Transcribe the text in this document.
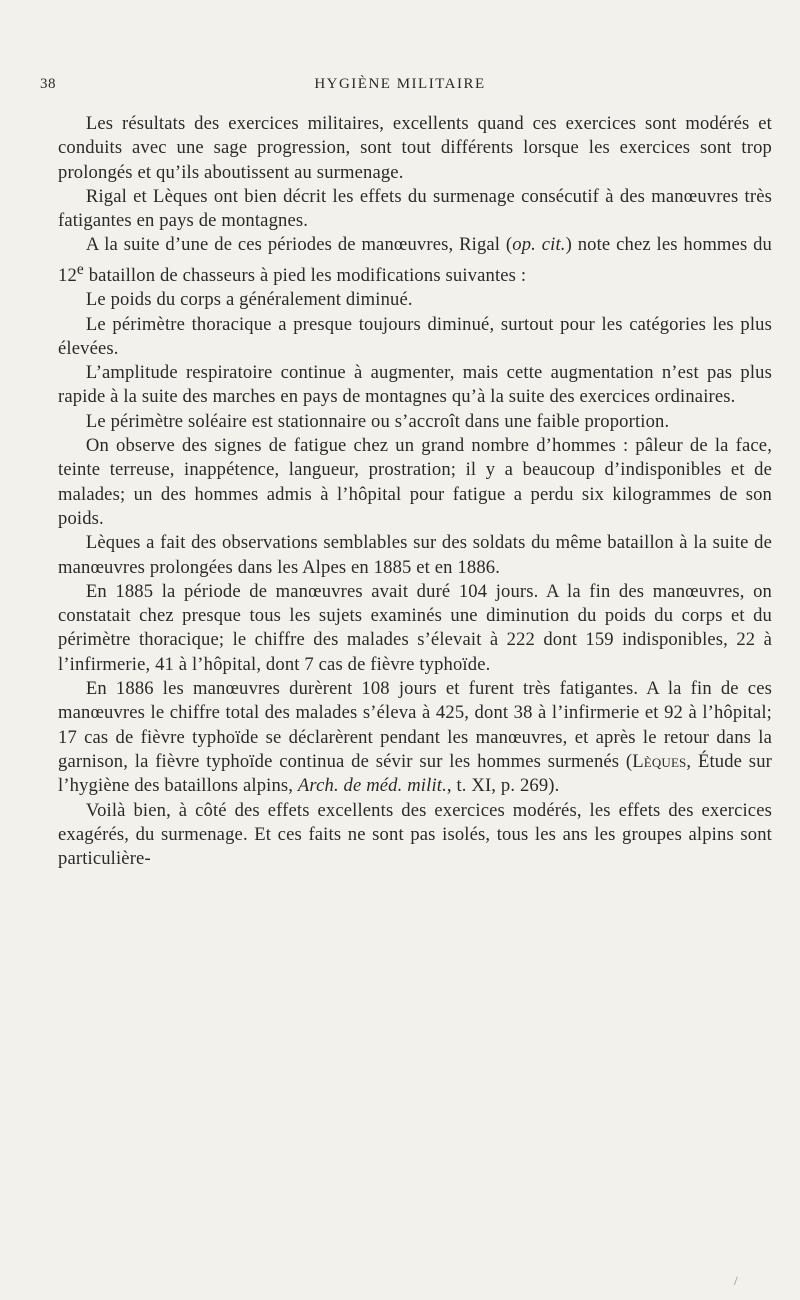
38	HYGIÈNE MILITAIRE

Les résultats des exercices militaires, excellents quand ces exercices sont modérés et conduits avec une sage progression, sont tout différents lorsque les exercices sont trop prolongés et qu’ils aboutissent au surmenage.

Rigal et Lèques ont bien décrit les effets du surmenage consécutif à des manœuvres très fatigantes en pays de montagnes.

A la suite d’une de ces périodes de manœuvres, Rigal (op. cit.) note chez les hommes du 12e bataillon de chasseurs à pied les modifications suivantes :

Le poids du corps a généralement diminué.

Le périmètre thoracique a presque toujours diminué, surtout pour les catégories les plus élevées.

L’amplitude respiratoire continue à augmenter, mais cette augmentation n’est pas plus rapide à la suite des marches en pays de montagnes qu’à la suite des exercices ordinaires.

Le périmètre soléaire est stationnaire ou s’accroît dans une faible proportion.

On observe des signes de fatigue chez un grand nombre d’hommes : pâleur de la face, teinte terreuse, inappétence, langueur, prostration; il y a beaucoup d’indisponibles et de malades; un des hommes admis à l’hôpital pour fatigue a perdu six kilogrammes de son poids.

Lèques a fait des observations semblables sur des soldats du même bataillon à la suite de manœuvres prolongées dans les Alpes en 1885 et en 1886.

En 1885 la période de manœuvres avait duré 104 jours. A la fin des manœuvres, on constatait chez presque tous les sujets examinés une diminution du poids du corps et du périmètre thoracique; le chiffre des malades s’élevait à 222 dont 159 indisponibles, 22 à l’infirmerie, 41 à l’hôpital, dont 7 cas de fièvre typhoïde.

En 1886 les manœuvres durèrent 108 jours et furent très fatigantes. A la fin de ces manœuvres le chiffre total des malades s’éleva à 425, dont 38 à l’infirmerie et 92 à l’hôpital; 17 cas de fièvre typhoïde se déclarèrent pendant les manœuvres, et après le retour dans la garnison, la fièvre typhoïde continua de sévir sur les hommes surmenés (Lèques, Étude sur l’hygiène des bataillons alpins, Arch. de méd. milit., t. XI, p. 269).

Voilà bien, à côté des effets excellents des exercices modérés, les effets des exercices exagérés, du surmenage. Et ces faits ne sont pas isolés, tous les ans les groupes alpins sont particulière-

/
